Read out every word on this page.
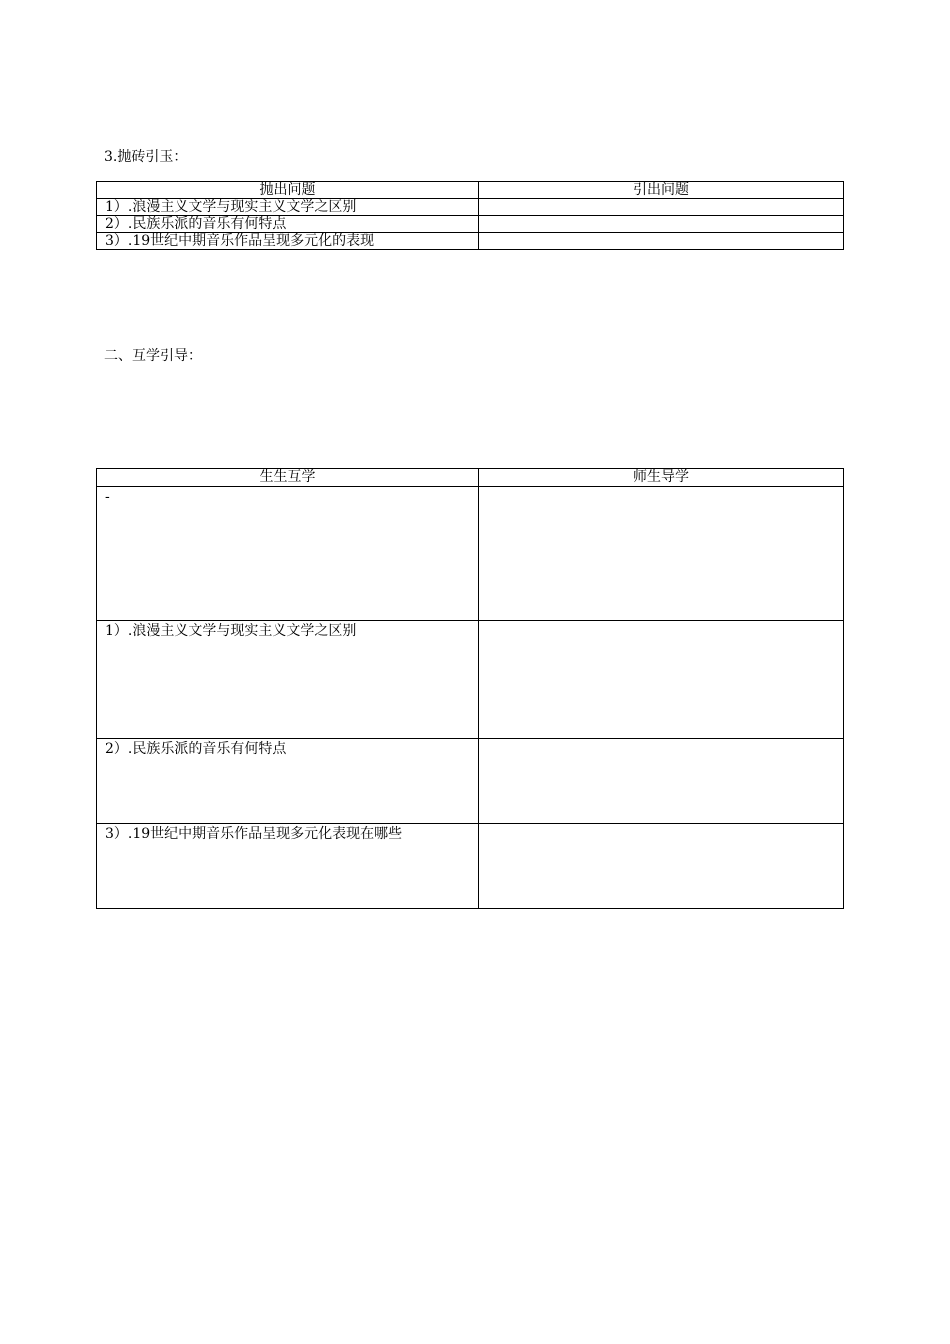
3.抛砖引玉：
抛出问题	引出问题
1）.浪漫主义文学与现实主义文学之区别	
2）.民族乐派的音乐有何特点	
3）.19世纪中期音乐作品呈现多元化的表现	
二、互学引导：
生生互学	师生导学
-	
1）.浪漫主义文学与现实主义文学之区别	
2）.民族乐派的音乐有何特点	
3）.19世纪中期音乐作品呈现多元化表现在哪些	
